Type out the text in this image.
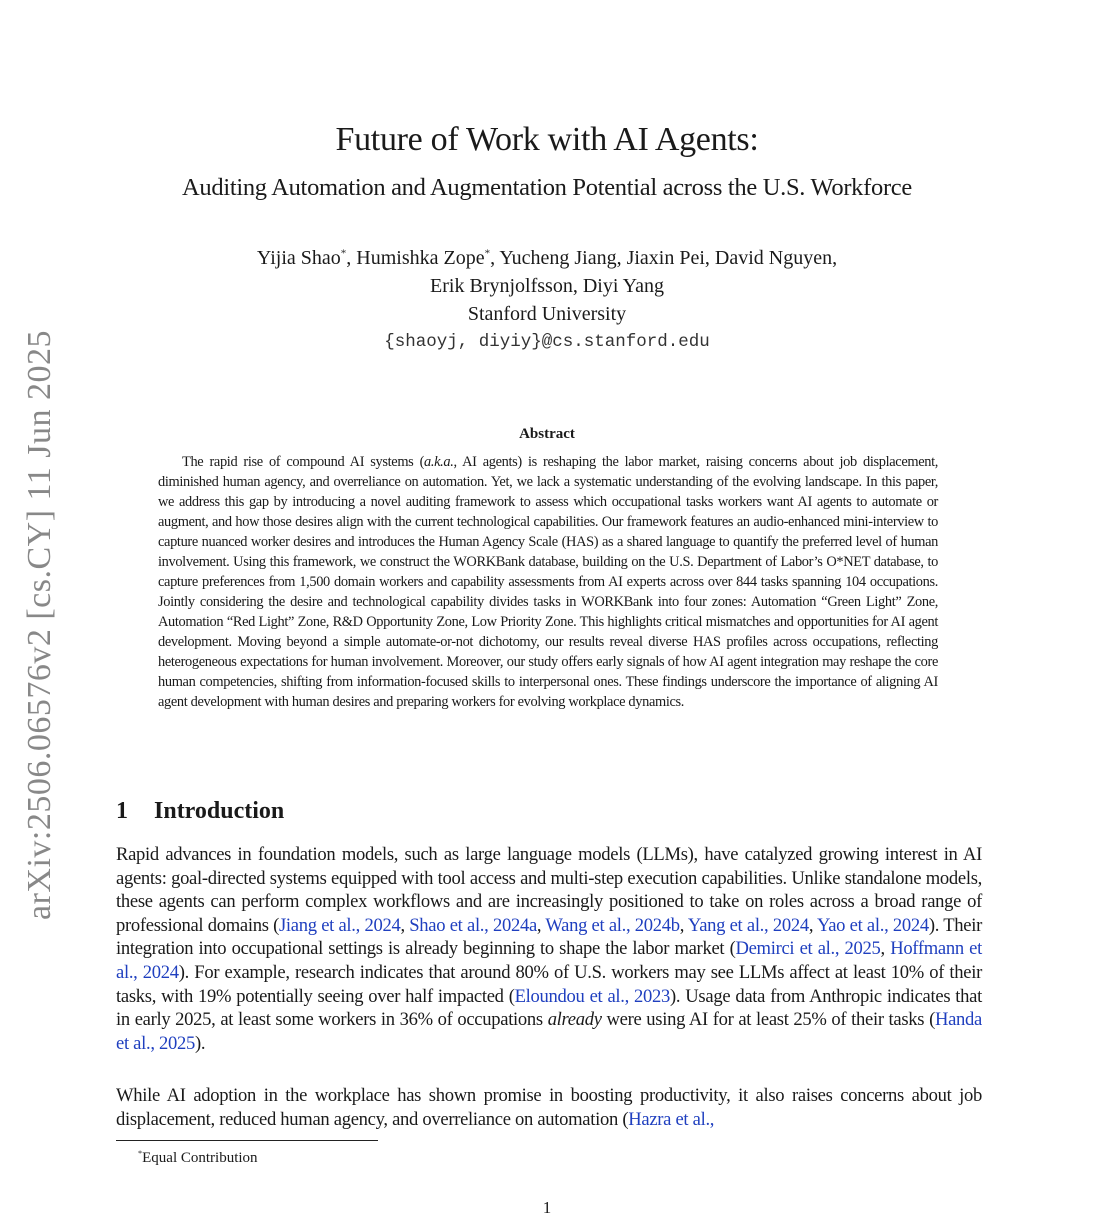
arXiv:2506.06576v2 [cs.CY] 11 Jun 2025
Future of Work with AI Agents:
Auditing Automation and Augmentation Potential across the U.S. Workforce
Yijia Shao*, Humishka Zope*, Yucheng Jiang, Jiaxin Pei, David Nguyen,
Erik Brynjolfsson, Diyi Yang
Stanford University
{shaoyj, diyiy}@cs.stanford.edu
Abstract

The rapid rise of compound AI systems (a.k.a., AI agents) is reshaping the labor market, raising concerns about job displacement, diminished human agency, and overreliance on automation. Yet, we lack a systematic understanding of the evolving landscape. In this paper, we address this gap by introducing a novel auditing framework to assess which occupational tasks workers want AI agents to automate or augment, and how those desires align with the current technological capabilities. Our framework features an audio-enhanced mini-interview to capture nuanced worker desires and introduces the Human Agency Scale (HAS) as a shared language to quantify the preferred level of human involvement. Using this framework, we construct the WORKBank database, building on the U.S. Department of Labor’s O*NET database, to capture preferences from 1,500 domain workers and capability assessments from AI experts across over 844 tasks spanning 104 occupations. Jointly considering the desire and technological capability divides tasks in WORKBank into four zones: Automation “Green Light” Zone, Automation “Red Light” Zone, R&D Opportunity Zone, Low Priority Zone. This highlights critical mismatches and opportunities for AI agent development. Moving beyond a simple automate-or-not dichotomy, our results reveal diverse HAS profiles across occupations, reflecting heterogeneous expectations for human involvement. Moreover, our study offers early signals of how AI agent integration may reshape the core human competencies, shifting from information-focused skills to interpersonal ones. These findings underscore the importance of aligning AI agent development with human desires and preparing workers for evolving workplace dynamics.

1 Introduction

Rapid advances in foundation models, such as large language models (LLMs), have catalyzed growing interest in AI agents: goal-directed systems equipped with tool access and multi-step execution capabilities. Unlike standalone models, these agents can perform complex workflows and are increasingly positioned to take on roles across a broad range of professional domains (Jiang et al., 2024, Shao et al., 2024a, Wang et al., 2024b, Yang et al., 2024, Yao et al., 2024). Their integration into occupational settings is already beginning to shape the labor market (Demirci et al., 2025, Hoffmann et al., 2024). For example, research indicates that around 80% of U.S. workers may see LLMs affect at least 10% of their tasks, with 19% potentially seeing over half impacted (Eloundou et al., 2023). Usage data from Anthropic indicates that in early 2025, at least some workers in 36% of occupations already were using AI for at least 25% of their tasks (Handa et al., 2025).

While AI adoption in the workplace has shown promise in boosting productivity, it also raises concerns about job displacement, reduced human agency, and overreliance on automation (Hazra et al.,

*Equal Contribution
1
